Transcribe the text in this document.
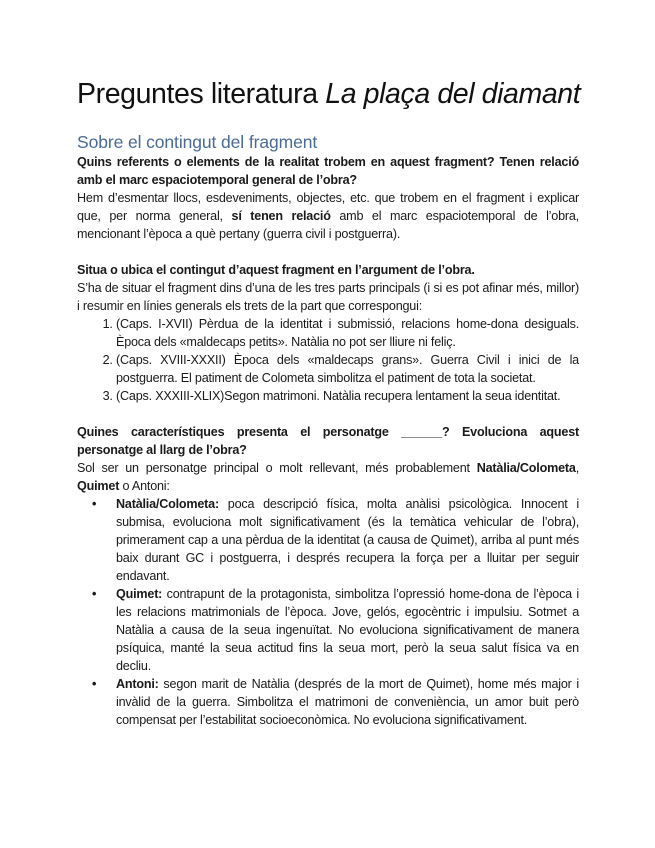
Preguntes literatura La plaça del diamant
Sobre el contingut del fragment

Quins referents o elements de la realitat trobem en aquest fragment? Tenen relació amb el marc espaciotemporal general de l’obra?

Hem d’esmentar llocs, esdeveniments, objectes, etc. que trobem en el fragment i explicar que, per norma general, sí tenen relació amb el marc espaciotemporal de l’obra, mencionant l’època a què pertany (guerra civil i postguerra).

Situa o ubica el contingut d’aquest fragment en l’argument de l’obra.

S’ha de situar el fragment dins d’una de les tres parts principals (i si es pot afinar més, millor) i resumir en línies generals els trets de la part que correspongui:

1. (Caps. I-XVII) Pèrdua de la identitat i submissió, relacions home-dona desiguals. Època dels «maldecaps petits». Natàlia no pot ser lliure ni feliç.
2. (Caps. XVIII-XXXII) Època dels «maldecaps grans». Guerra Civil i inici de la postguerra. El patiment de Colometa simbolitza el patiment de tota la societat.
3. (Caps. XXXIII-XLIX)Segon matrimoni. Natàlia recupera lentament la seua identitat.

Quines característiques presenta el personatge ______? Evoluciona aquest personatge al llarg de l’obra?

Sol ser un personatge principal o molt rellevant, més probablement Natàlia/Colometa, Quimet o Antoni:

• Natàlia/Colometa: poca descripció física, molta anàlisi psicològica. Innocent i submisa, evoluciona molt significativament (és la temàtica vehicular de l’obra), primerament cap a una pèrdua de la identitat (a causa de Quimet), arriba al punt més baix durant GC i postguerra, i després recupera la força per a lluitar per seguir endavant.
• Quimet: contrapunt de la protagonista, simbolitza l’opressió home-dona de l’època i les relacions matrimonials de l’època. Jove, gelós, egocèntric i impulsiu. Sotmet a Natàlia a causa de la seua ingenuïtat. No evoluciona significativament de manera psíquica, manté la seua actitud fins la seua mort, però la seua salut física va en decliu.
• Antoni: segon marit de Natàlia (després de la mort de Quimet), home més major i invàlid de la guerra. Simbolitza el matrimoni de conveniència, un amor buit però compensat per l’estabilitat socioeconòmica. No evoluciona significativament.
